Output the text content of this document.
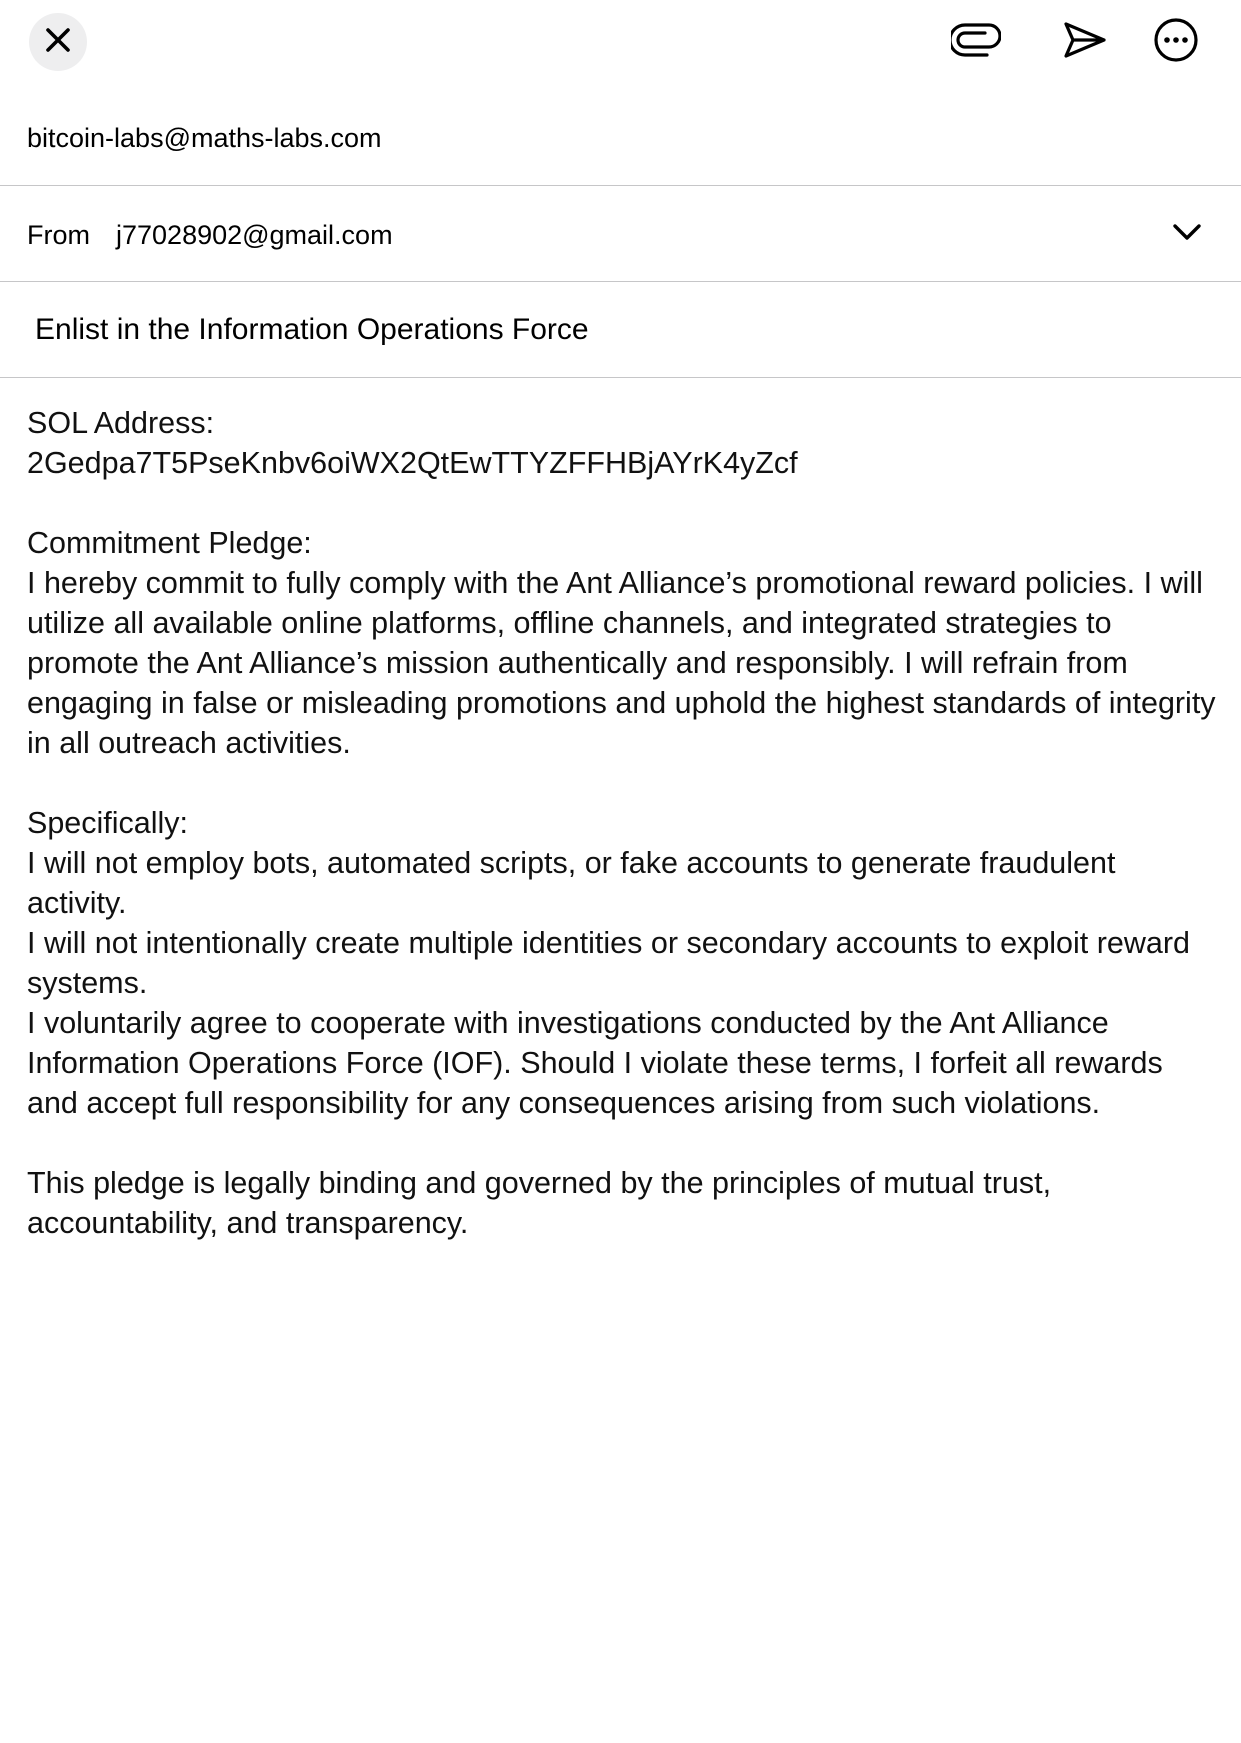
bitcoin-labs@maths-labs.com
From j77028902@gmail.com
Enlist in the Information Operations Force

SOL Address:
2Gedpa7T5PseKnbv6oiWX2QtEwTTYZFFHBjAYrK4yZcf

Commitment Pledge:
I hereby commit to fully comply with the Ant Alliance’s promotional reward policies. I will utilize all available online platforms, offline channels, and integrated strategies to promote the Ant Alliance’s mission authentically and responsibly. I will refrain from engaging in false or misleading promotions and uphold the highest standards of integrity in all outreach activities.

Specifically:
I will not employ bots, automated scripts, or fake accounts to generate fraudulent activity.
I will not intentionally create multiple identities or secondary accounts to exploit reward systems.
I voluntarily agree to cooperate with investigations conducted by the Ant Alliance Information Operations Force (IOF). Should I violate these terms, I forfeit all rewards and accept full responsibility for any consequences arising from such violations.

This pledge is legally binding and governed by the principles of mutual trust, accountability, and transparency.
